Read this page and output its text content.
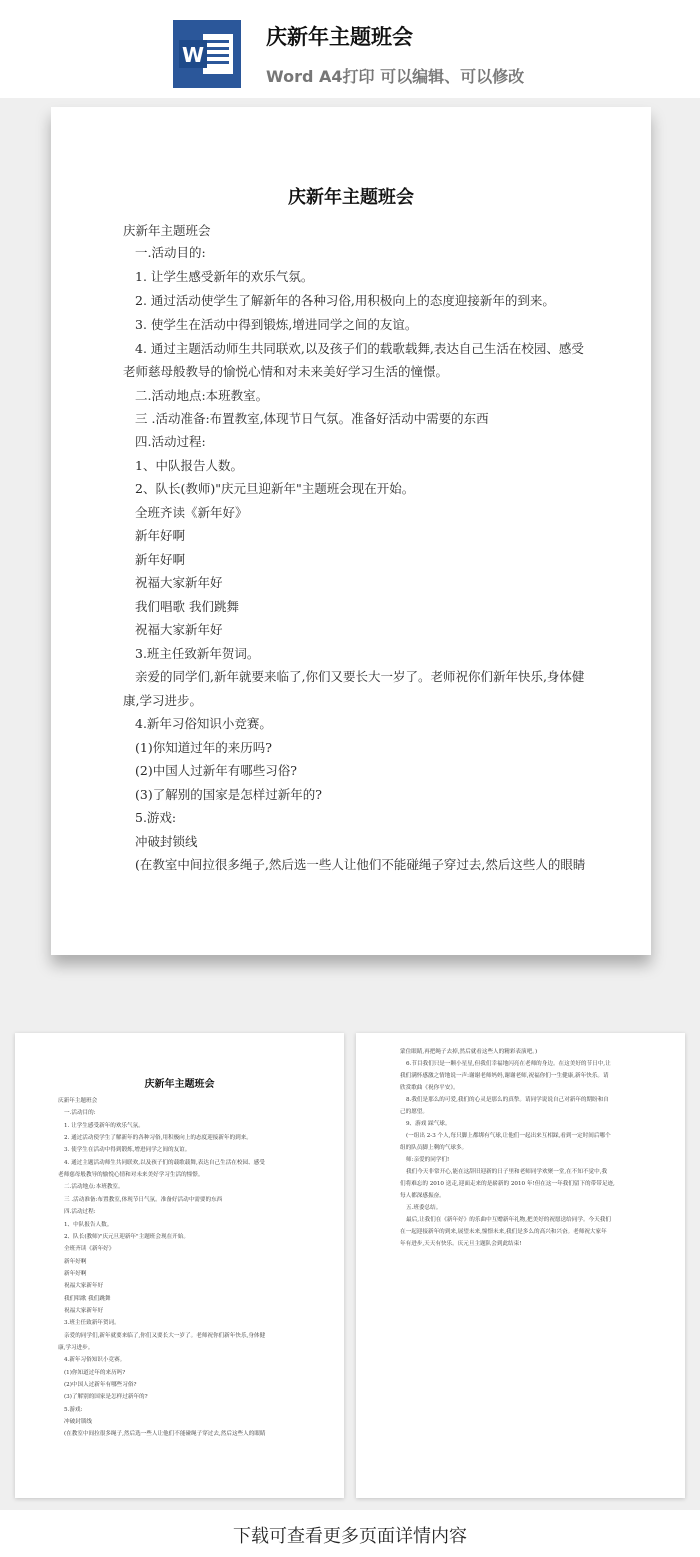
W
庆新年主题班会
Word A4打印 可以编辑、可以修改
庆新年主题班会
庆新年主题班会
一.活动目的:
1. 让学生感受新年的欢乐气氛。
2. 通过活动使学生了解新年的各种习俗,用积极向上的态度迎接新年的到来。
3. 使学生在活动中得到锻炼,增进同学之间的友谊。
4. 通过主题活动师生共同联欢,以及孩子们的载歌载舞,表达自己生活在校园、感受
老师慈母般教导的愉悦心情和对未来美好学习生活的憧憬。
二.活动地点:本班教室。
三 .活动准备:布置教室,体现节日气氛。准备好活动中需要的东西
四.活动过程:
1、中队报告人数。
2、队长(教师)"庆元旦迎新年"主题班会现在开始。
全班齐读《新年好》
新年好啊
新年好啊
祝福大家新年好
我们唱歌 我们跳舞
祝福大家新年好
3.班主任致新年贺词。
亲爱的同学们,新年就要来临了,你们又要长大一岁了。老师祝你们新年快乐,身体健
康,学习进步。
4.新年习俗知识小竞赛。
(1)你知道过年的来历吗?
(2)中国人过新年有哪些习俗?
(3)了解别的国家是怎样过新年的?
5.游戏:
冲破封锁线
(在教室中间拉很多绳子,然后选一些人让他们不能碰绳子穿过去,然后这些人的眼睛
庆新年主题班会
庆新年主题班会
一.活动目的:
1. 让学生感受新年的欢乐气氛。
2. 通过活动使学生了解新年的各种习俗,用积极向上的态度迎接新年的到来。
3. 使学生在活动中得到锻炼,增进同学之间的友谊。
4. 通过主题活动师生共同联欢,以及孩子们的载歌载舞,表达自己生活在校园、感受
老师慈母般教导的愉悦心情和对未来美好学习生活的憧憬。
二.活动地点:本班教室。
三 .活动准备:布置教室,体现节日气氛。准备好活动中需要的东西
四.活动过程:
1、中队报告人数。
2、队长(教师)"庆元旦迎新年"主题班会现在开始。
全班齐读《新年好》
新年好啊
新年好啊
祝福大家新年好
我们唱歌 我们跳舞
祝福大家新年好
3.班主任致新年贺词。
亲爱的同学们,新年就要来临了,你们又要长大一岁了。老师祝你们新年快乐,身体健
康,学习进步。
4.新年习俗知识小竞赛。
(1)你知道过年的来历吗?
(2)中国人过新年有哪些习俗?
(3)了解别的国家是怎样过新年的?
5.游戏:
冲破封锁线
(在教室中间拉很多绳子,然后选一些人让他们不能碰绳子穿过去,然后这些人的眼睛
蒙住眼睛,再把绳子去掉,然后就看这些人的精彩表演吧。)
6.节目我们只是一颗小星星,但我们幸福地闪亮在老师的身边。在这美好的节日中,让
我们满怀感激之情地说一声:谢谢老师妈妈,谢谢老师,祝福你们一生健康,新年快乐。请
欣赏歌曲《祝你平安》。
8.我们是那么的可爱,我们的心灵是那么的真挚。请同学说说自己对新年的期盼和自
己的愿望。
9、游戏 踩气球。
(一组出 2-3 个人,每只脚上都绑有气球,让他们一起出来互相踩,看到一定时间后哪个
组的队员脚上剩的气球多。
师:亲爱的同学们!
我们今天非常开心,能在这辞旧迎新的日子里和老师同学欢聚一堂,在不知不觉中,我
们将难忘的 2010 送走,迎面走来的是崭新的 2010 年!但在这一年我们留下的带带足迹,
每人都深感振奋。
五.班委总结。
最后,让我们在《新年好》的乐曲中互赠新年礼物,把美好的祝愿送给同学。今天我们
在一起迎接新年的到来,展望未来,憧憬未来,我们是多么的高兴和兴奋。老师祝大家年
年有进步,天天有快乐。庆元旦主题队会到此结束!
下载可查看更多页面详情内容
